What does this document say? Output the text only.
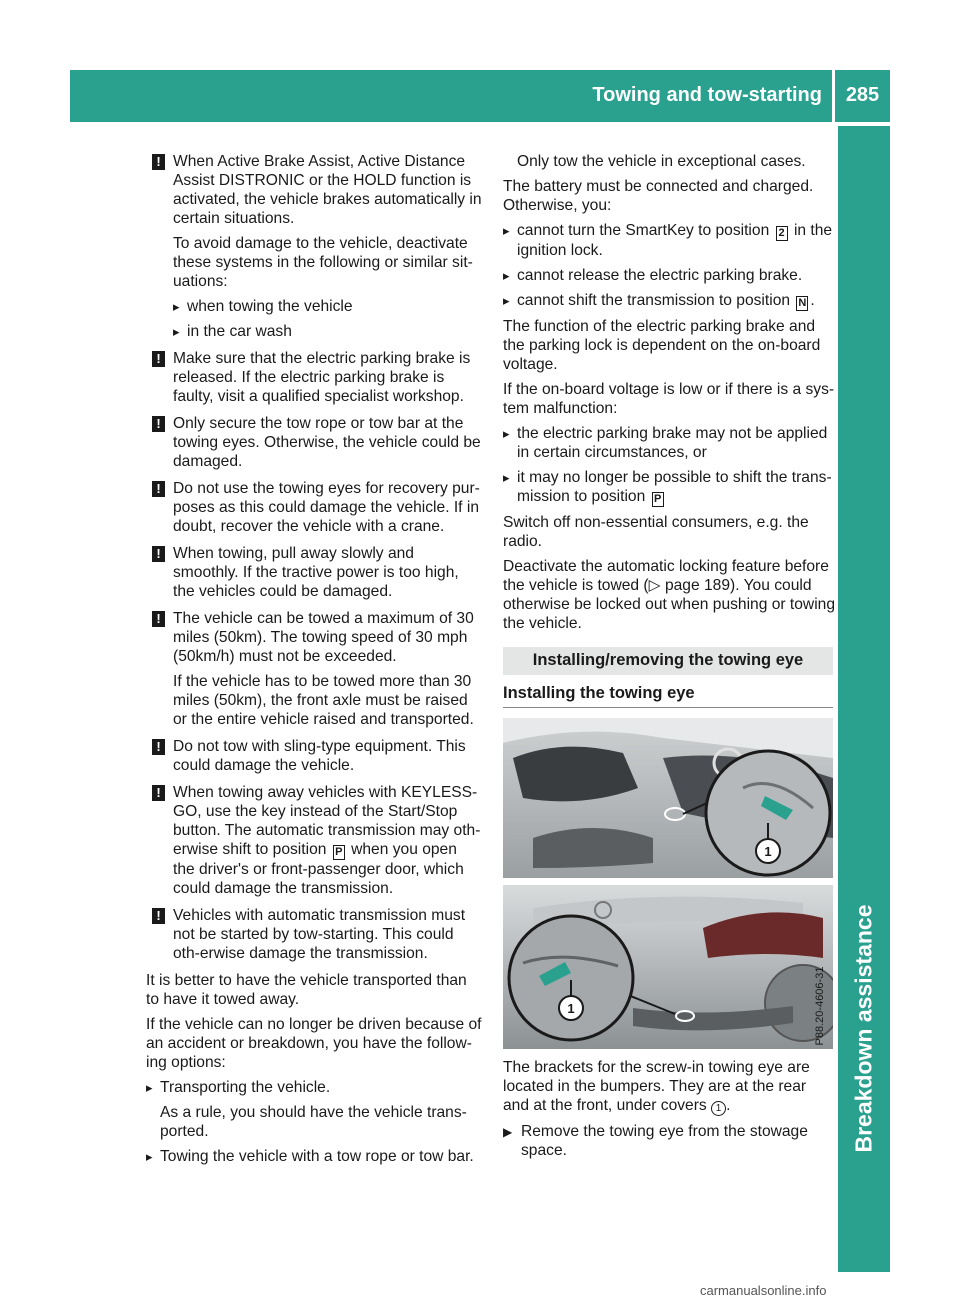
Towing and tow-starting	285
Breakdown assistance
! When Active Brake Assist, Active Distance Assist DISTRONIC or the HOLD function is activated, the vehicle brakes automatically in certain situations.

To avoid damage to the vehicle, deactivate these systems in the following or similar sit-uations:

▸ when towing the vehicle

▸ in the car wash

! Make sure that the electric parking brake is released. If the electric parking brake is faulty, visit a qualified specialist workshop.

! Only secure the tow rope or tow bar at the towing eyes. Otherwise, the vehicle could be damaged.

! Do not use the towing eyes for recovery pur-poses as this could damage the vehicle. If in doubt, recover the vehicle with a crane.

! When towing, pull away slowly and smoothly. If the tractive power is too high, the vehicles could be damaged.

! The vehicle can be towed a maximum of 30 miles (50km). The towing speed of 30 mph (50km/h) must not be exceeded.

If the vehicle has to be towed more than 30 miles (50km), the front axle must be raised or the entire vehicle raised and transported.

! Do not tow with sling-type equipment. This could damage the vehicle.

! When towing away vehicles with KEYLESS-GO, use the key instead of the Start/Stop button. The automatic transmission may oth-erwise shift to position P when you open the driver's or front-passenger door, which could damage the transmission.

! Vehicles with automatic transmission must not be started by tow-starting. This could oth-erwise damage the transmission.

It is better to have the vehicle transported than to have it towed away.

If the vehicle can no longer be driven because of an accident or breakdown, you have the follow-ing options:

▸ Transporting the vehicle.

As a rule, you should have the vehicle trans-ported.

▸ Towing the vehicle with a tow rope or tow bar.

Only tow the vehicle in exceptional cases.

The battery must be connected and charged. Otherwise, you:

▸ cannot turn the SmartKey to position 2 in the ignition lock.

▸ cannot release the electric parking brake.

▸ cannot shift the transmission to position N .

The function of the electric parking brake and the parking lock is dependent on the on-board voltage.

If the on-board voltage is low or if there is a sys-tem malfunction:

▸ the electric parking brake may not be applied in certain circumstances, or

▸ it may no longer be possible to shift the trans-mission to position P

Switch off non-essential consumers, e.g. the radio.

Deactivate the automatic locking feature before the vehicle is towed (▷ page 189). You could otherwise be locked out when pushing or towing the vehicle.

Installing/removing the towing eye
Installing the towing eye
1
1	P88.20-4606-31

The brackets for the screw-in towing eye are located in the bumpers. They are at the rear and at the front, under covers 1 .

▶ Remove the towing eye from the stowage space.

carmanualsonline.info
